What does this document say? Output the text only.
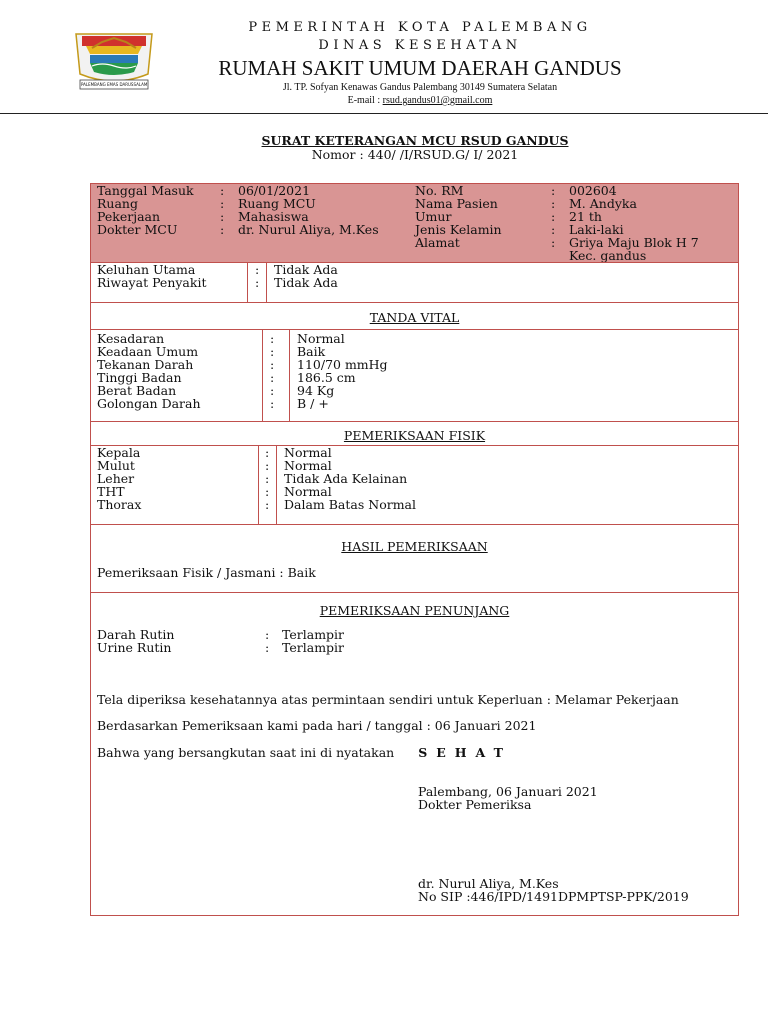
PALEMBANG EMAS DARUSSALAM
PEMERINTAH KOTA PALEMBANG
DINAS KESEHATAN
RUMAH SAKIT UMUM DAERAH GANDUS
Jl. TP. Sofyan Kenawas Gandus Palembang 30149 Sumatera Selatan
E-mail : rsud.gandus01@gmail.com
SURAT KETERANGAN MCU RSUD GANDUS
Nomor : 440/ /I/RSUD.G/ I/ 2021
Tanggal Masuk
Ruang
Pekerjaan
Dokter MCU
:
:
:
:
06/01/2021
Ruang MCU
Mahasiswa
dr. Nurul Aliya, M.Kes
No. RM
Nama Pasien
Umur
Jenis Kelamin
Alamat
:
:
:
:
:
002604
M. Andyka
21 th
Laki-laki
Griya Maju Blok H 7
Kec. gandus
Keluhan Utama
Riwayat Penyakit
:
:
Tidak Ada
Tidak Ada
TANDA VITAL
Kesadaran
Keadaan Umum
Tekanan Darah
Tinggi Badan
Berat Badan
Golongan Darah
:
:
:
:
:
:
Normal
Baik
110/70 mmHg
186.5 cm
94 Kg
B / +
PEMERIKSAAN FISIK
Kepala
Mulut
Leher
THT
Thorax
:
:
:
:
:
Normal
Normal
Tidak Ada Kelainan
Normal
Dalam Batas Normal
HASIL PEMERIKSAAN
Pemeriksaan Fisik / Jasmani : Baik
PEMERIKSAAN PENUNJANG
Darah Rutin
Urine Rutin
:
:
Terlampir
Terlampir
Tela diperiksa kesehatannya atas permintaan sendiri untuk Keperluan : Melamar Pekerjaan
Berdasarkan Pemeriksaan kami pada hari / tanggal : 06 Januari 2021
Bahwa yang bersangkutan saat ini di nyatakan SEHAT
Palembang, 06 Januari 2021
Dokter Pemeriksa
dr. Nurul Aliya, M.Kes
No SIP :446/IPD/1491DPMPTSP-PPK/2019
